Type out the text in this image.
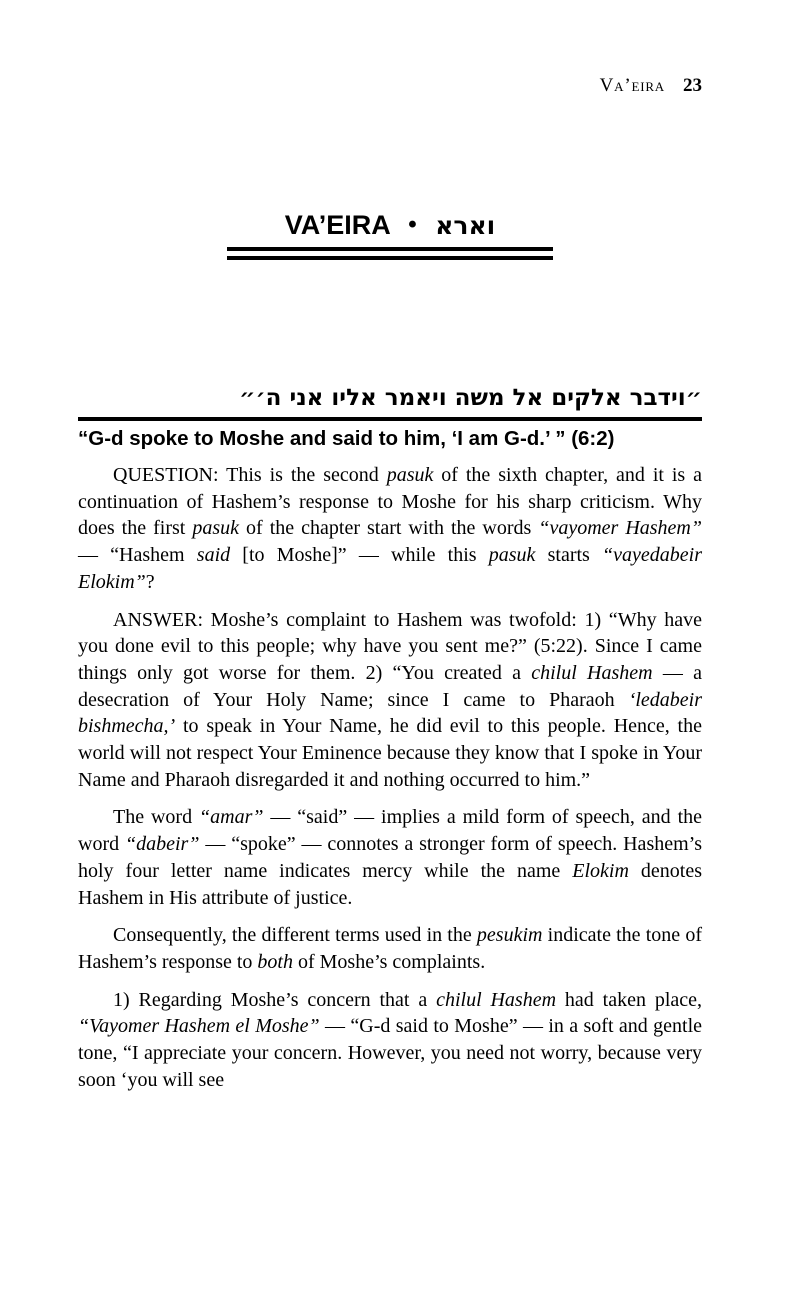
Va’eira 23
VA’EIRA • וארא
״וידבר אלקים אל משה ויאמר אליו אני ה׳״
“G-d spoke to Moshe and said to him, ‘I am G-d.’ ” (6:2)

QUESTION: This is the second pasuk of the sixth chapter, and it is a continuation of Hashem’s response to Moshe for his sharp criticism. Why does the first pasuk of the chapter start with the words “vayomer Hashem” — “Hashem said [to Moshe]” — while this pasuk starts “vayedabeir Elokim”?

ANSWER: Moshe’s complaint to Hashem was twofold: 1) “Why have you done evil to this people; why have you sent me?” (5:22). Since I came things only got worse for them. 2) “You created a chilul Hashem — a desecration of Your Holy Name; since I came to Pharaoh ‘ledabeir bishmecha,’ to speak in Your Name, he did evil to this people. Hence, the world will not respect Your Eminence because they know that I spoke in Your Name and Pharaoh disregarded it and nothing occurred to him.”

The word “amar” — “said” — implies a mild form of speech, and the word “dabeir” — “spoke” — connotes a stronger form of speech. Hashem’s holy four letter name indicates mercy while the name Elokim denotes Hashem in His attribute of justice.

Consequently, the different terms used in the pesukim indicate the tone of Hashem’s response to both of Moshe’s complaints.

1) Regarding Moshe’s concern that a chilul Hashem had taken place, “Vayomer Hashem el Moshe” — “G-d said to Moshe” — in a soft and gentle tone, “I appreciate your concern. However, you need not worry, because very soon ‘you will see
